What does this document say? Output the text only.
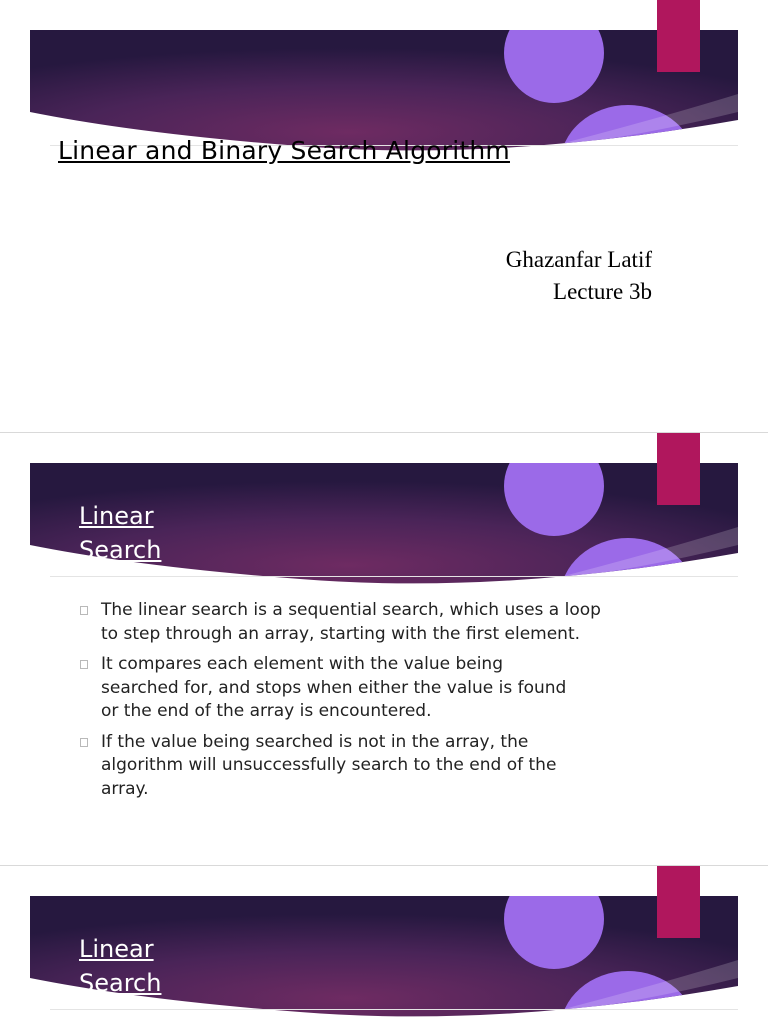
Linear and Binary Search Algorithm
Ghazanfar Latif
Lecture 3b
Linear
Search
The linear search is a sequential search, which uses a loop
to step through an array, starting with the first element.
It compares each element with the value being
searched for, and stops when either the value is found
or the end of the array is encountered.
If the value being searched is not in the array, the
algorithm will unsuccessfully search to the end of the
array.
Linear
Search
